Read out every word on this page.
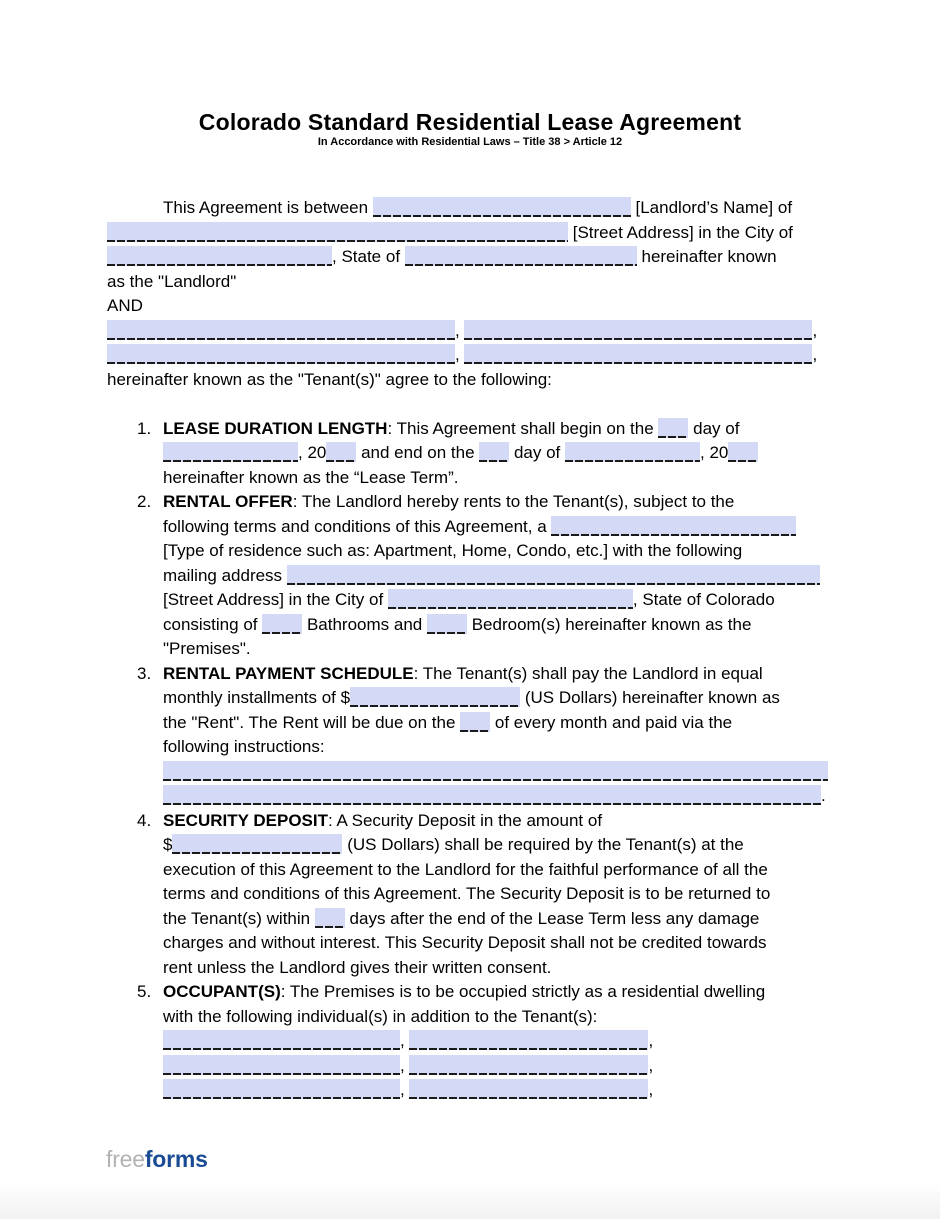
Colorado Standard Residential Lease Agreement
In Accordance with Residential Laws – Title 38 > Article 12
This Agreement is between	[Landlord’s Name] of
[Street Address] in the City of
, State of	hereinafter known
as the "Landlord"
AND
,	,
,	,
hereinafter known as the "Tenant(s)" agree to the following:
1. LEASE DURATION LENGTH: This Agreement shall begin on the  day of
, 20 and end on the  day of	, 20
hereinafter known as the “Lease Term”.
2. RENTAL OFFER: The Landlord hereby rents to the Tenant(s), subject to the
following terms and conditions of this Agreement, a
[Type of residence such as: Apartment, Home, Condo, etc.] with the following
mailing address
[Street Address] in the City of	, State of Colorado
consisting of  Bathrooms and  Bedroom(s) hereinafter known as the
"Premises".
3. RENTAL PAYMENT SCHEDULE: The Tenant(s) shall pay the Landlord in equal
monthly installments of $	(US Dollars) hereinafter known as
the "Rent". The Rent will be due on the  of every month and paid via the
following instructions:
.
4. SECURITY DEPOSIT: A Security Deposit in the amount of
$	(US Dollars) shall be required by the Tenant(s) at the
execution of this Agreement to the Landlord for the faithful performance of all the
terms and conditions of this Agreement. The Security Deposit is to be returned to
the Tenant(s) within  days after the end of the Lease Term less any damage
charges and without interest. This Security Deposit shall not be credited towards
rent unless the Landlord gives their written consent.
5. OCCUPANT(S): The Premises is to be occupied strictly as a residential dwelling
with the following individual(s) in addition to the Tenant(s):
,	,
,	,
,	,
freeforms
